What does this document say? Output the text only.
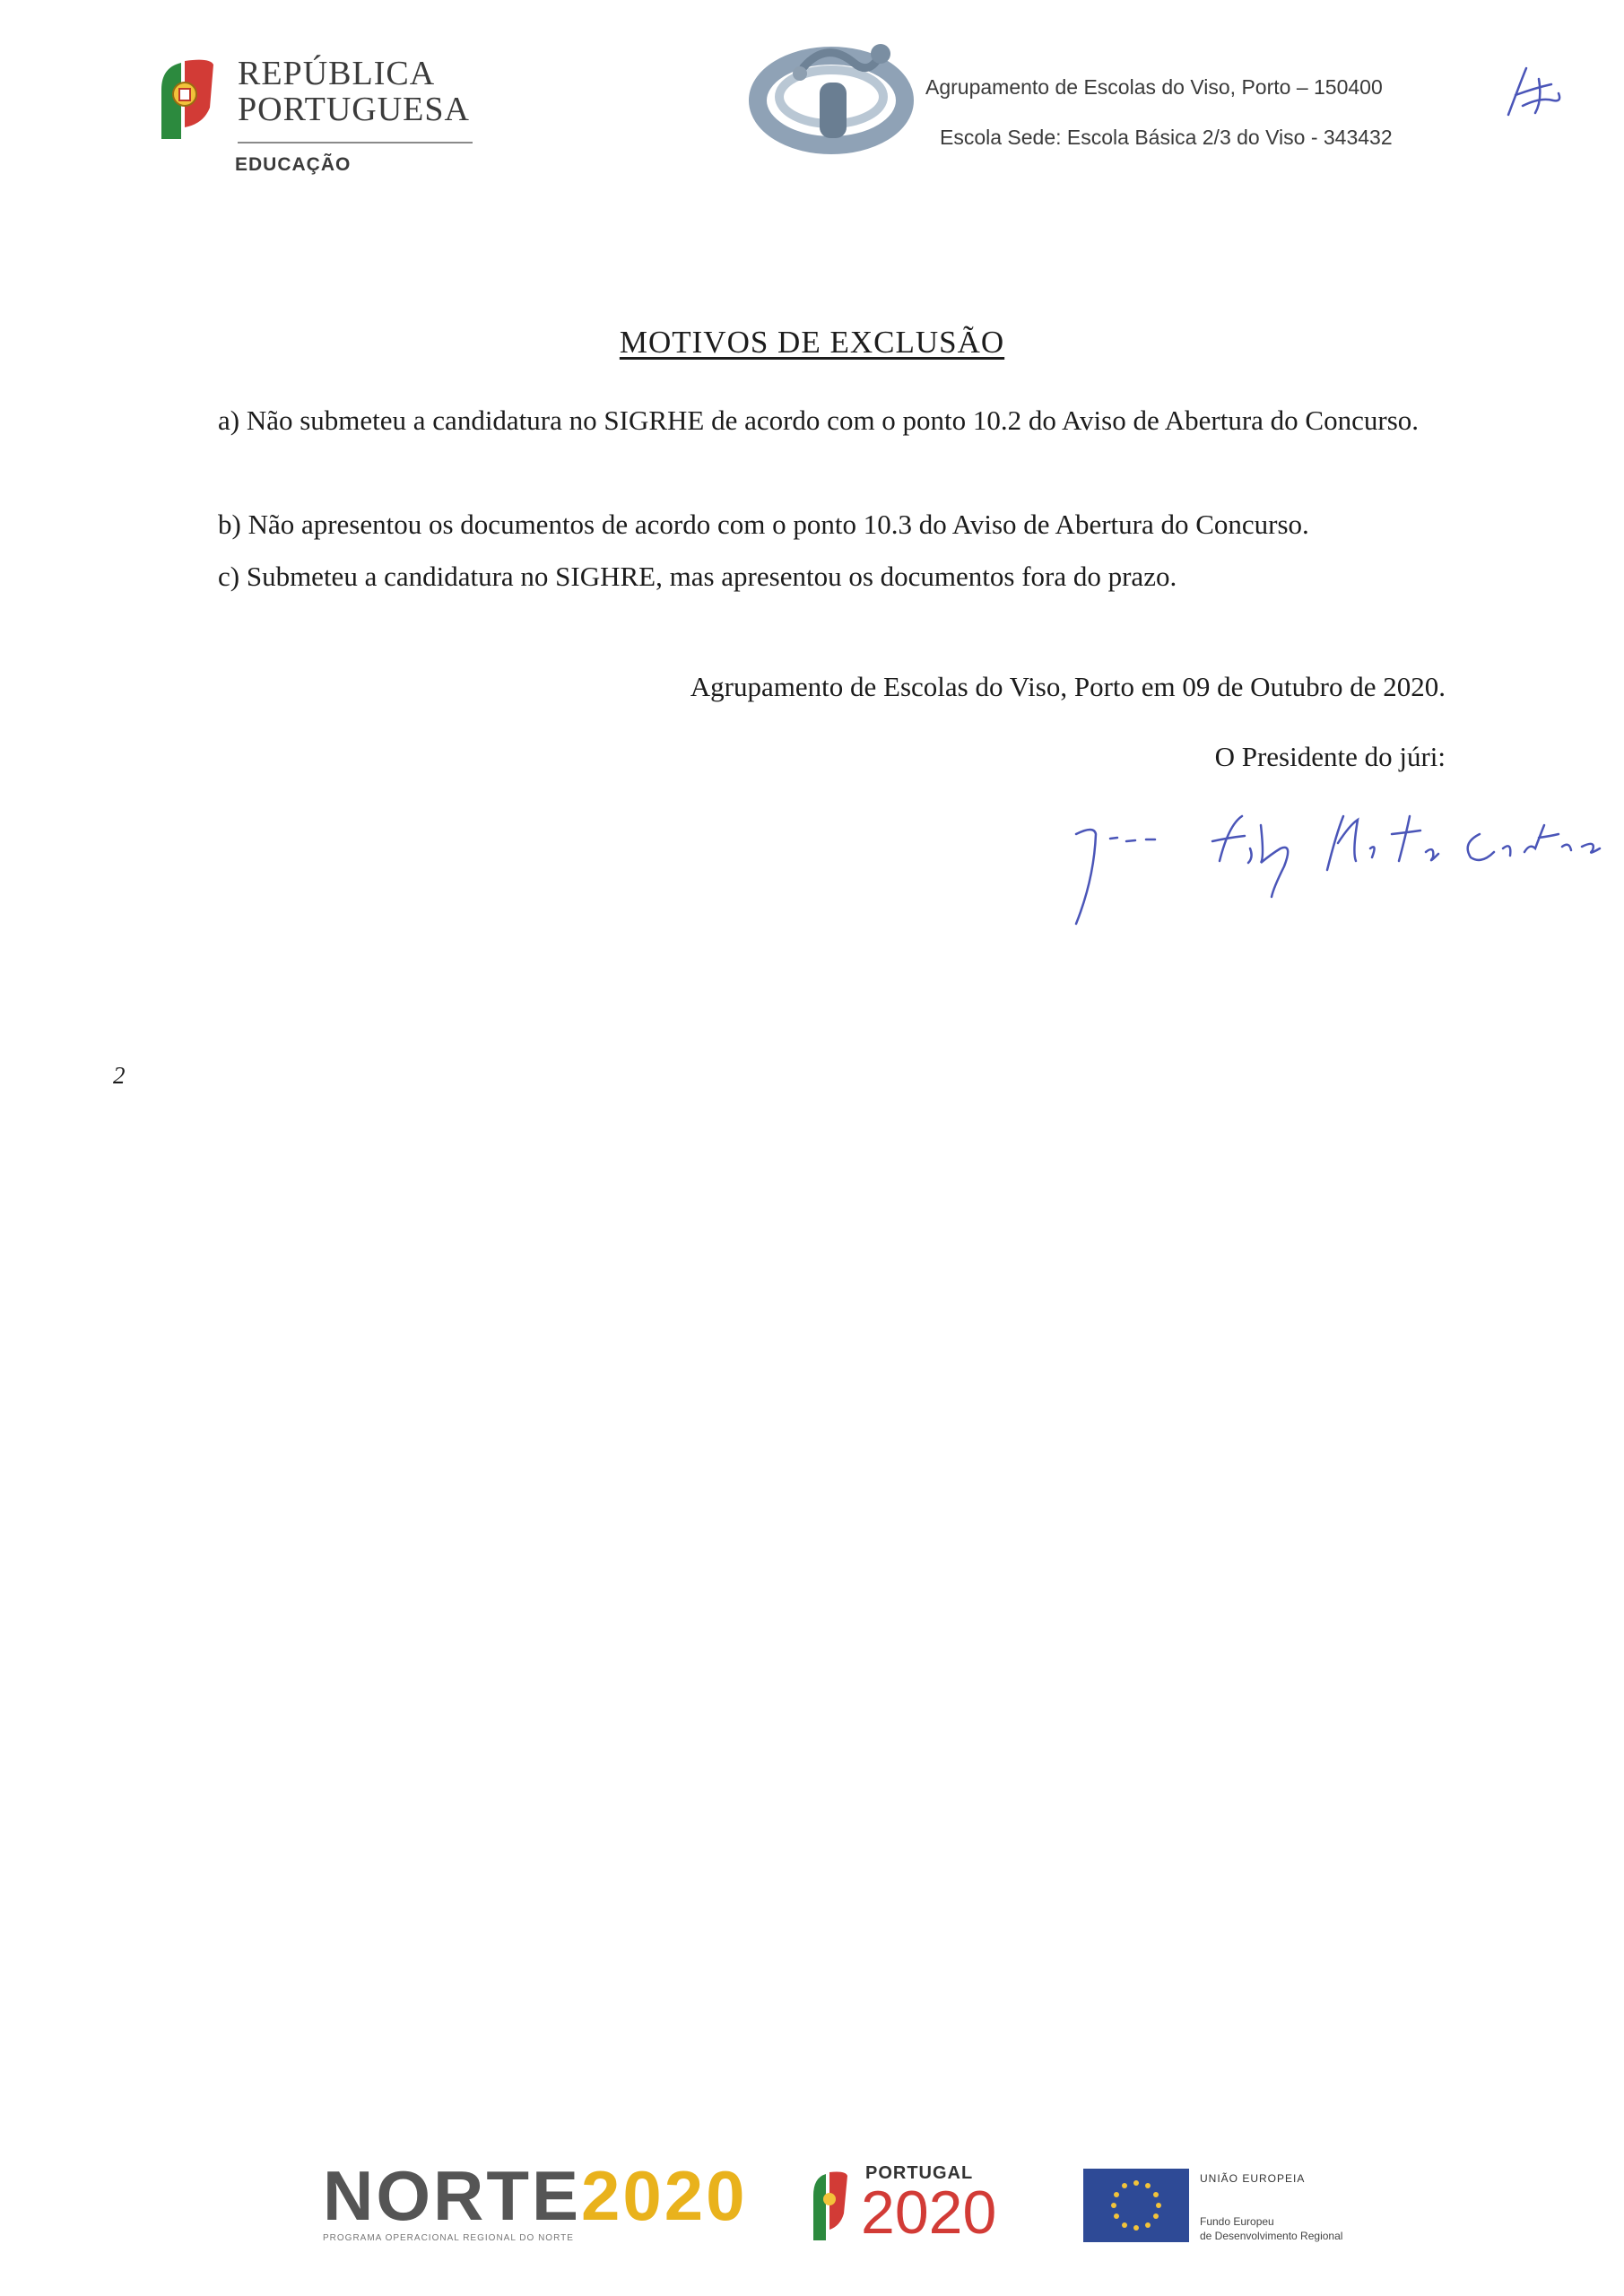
REPÚBLICA
PORTUGUESA
EDUCAÇÃO
Agrupamento de Escolas do Viso, Porto – 150400
Escola Sede: Escola Básica 2/3 do Viso - 343432
MOTIVOS DE EXCLUSÃO
a) Não submeteu a candidatura no SIGRHE de acordo com o ponto 10.2 do Aviso de Abertura do Concurso.
b) Não apresentou os documentos de acordo com o ponto 10.3 do Aviso de Abertura do Concurso.
c) Submeteu a candidatura no SIGHRE, mas apresentou os documentos fora do prazo.
Agrupamento de Escolas do Viso, Porto em 09 de Outubro de 2020.
O Presidente do júri:
2
NORTE2020
PROGRAMA OPERACIONAL REGIONAL DO NORTE
PORTUGAL
2020	UNIÃO EUROPEIA
Fundo Europeu
de Desenvolvimento Regional
